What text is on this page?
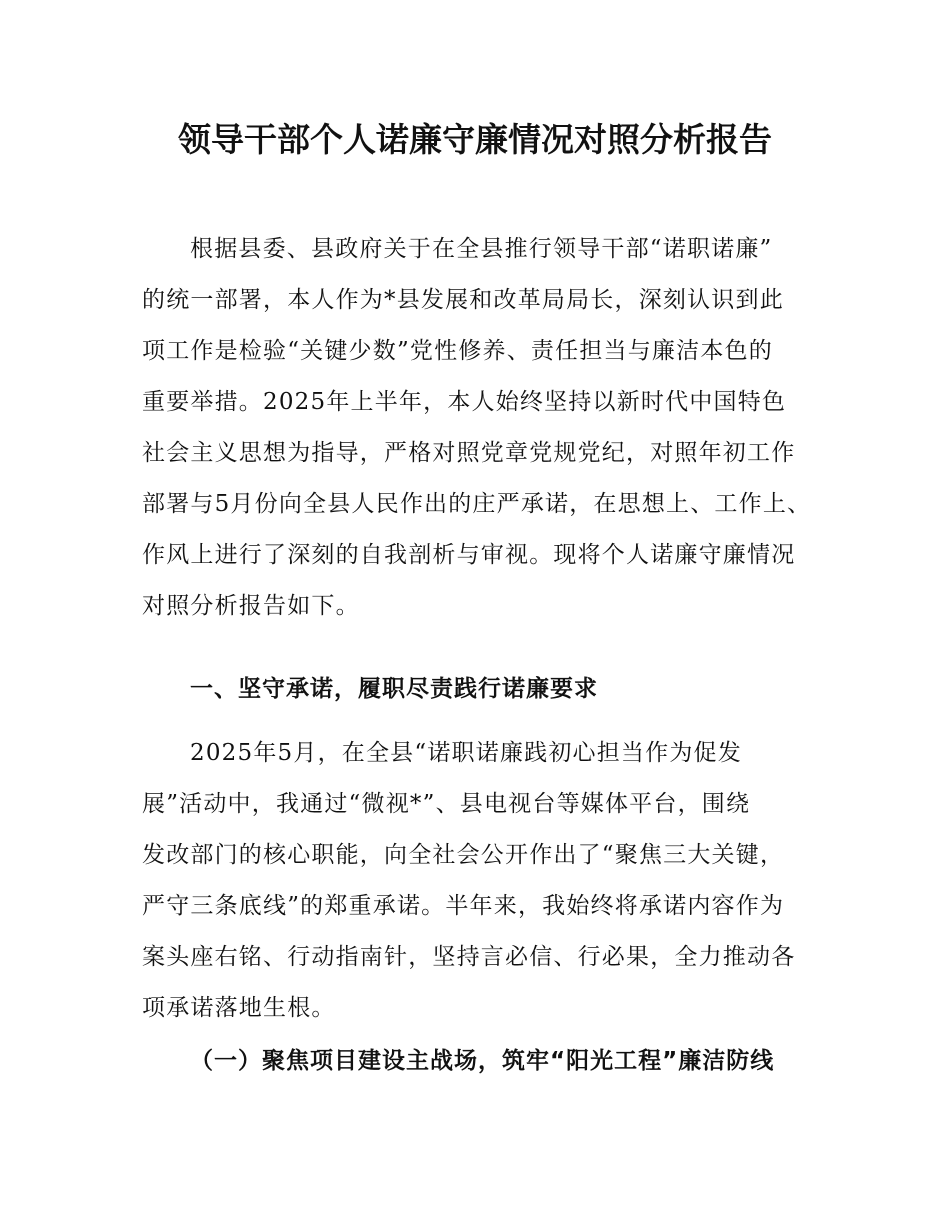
领导干部个人诺廉守廉情况对照分析报告
根据县委、县政府关于在全县推行领导干部“诺职诺廉”
的统一部署，本人作为*县发展和改革局局长，深刻认识到此
项工作是检验“关键少数”党性修养、责任担当与廉洁本色的
重要举措。2025年上半年，本人始终坚持以新时代中国特色
社会主义思想为指导，严格对照党章党规党纪，对照年初工作
部署与5月份向全县人民作出的庄严承诺，在思想上、工作上、
作风上进行了深刻的自我剖析与审视。现将个人诺廉守廉情况
对照分析报告如下。
一、坚守承诺，履职尽责践行诺廉要求
2025年5月，在全县“诺职诺廉践初心担当作为促发
展”活动中，我通过“微视*”、县电视台等媒体平台，围绕
发改部门的核心职能，向全社会公开作出了“聚焦三大关键，
严守三条底线”的郑重承诺。半年来，我始终将承诺内容作为
案头座右铭、行动指南针，坚持言必信、行必果，全力推动各
项承诺落地生根。
（一）聚焦项目建设主战场，筑牢“阳光工程”廉洁防线
